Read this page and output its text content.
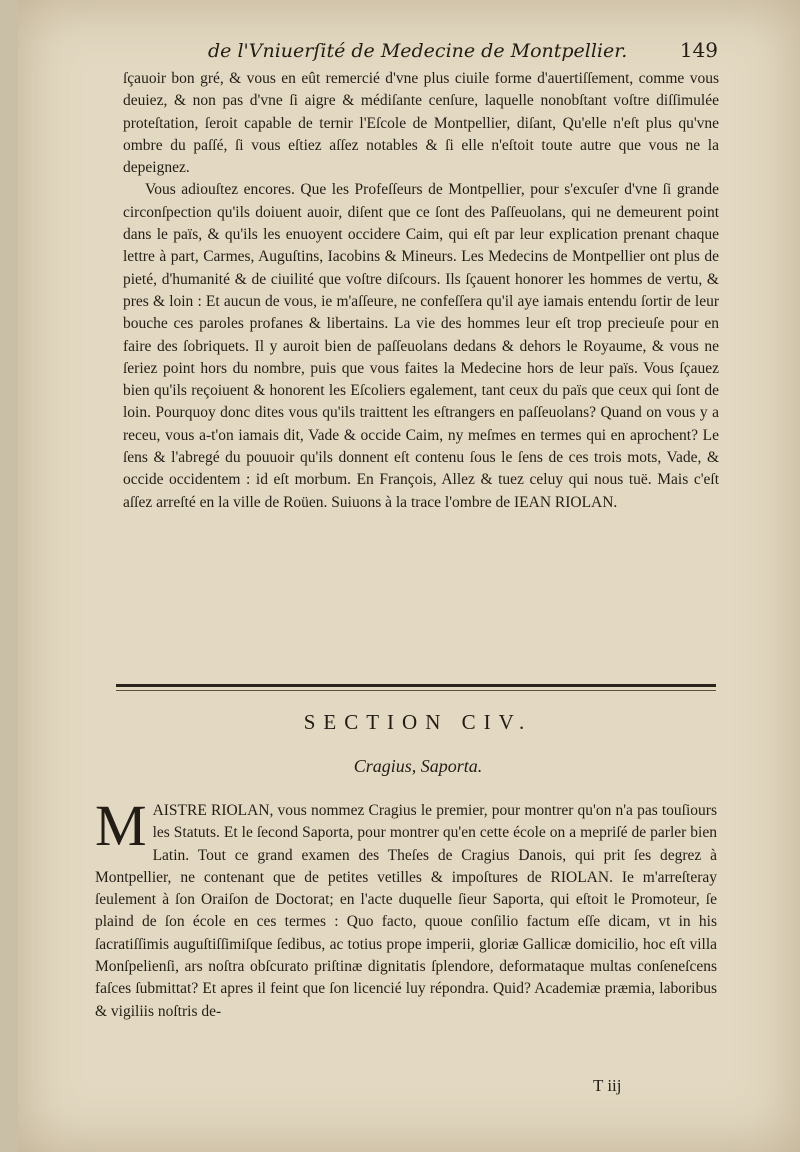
de l'Vniuerſité de Medecine de Montpellier.	149

ſçauoir bon gré, & vous en eût remercié d'vne plus ciuile forme d'auertiſſement, comme vous deuiez, & non pas d'vne ſi aigre & médiſante cenſure, laquelle nonobſtant voſtre diſſimulée proteſtation, ſeroit capable de ternir l'Eſcole de Montpellier, diſant, Qu'elle n'eſt plus qu'vne ombre du paſſé, ſi vous eſtiez aſſez notables & ſi elle n'eſtoit toute autre que vous ne la depeignez.

Vous adiouſtez encores. Que les Profeſſeurs de Montpellier, pour s'excuſer d'vne ſi grande circonſpection qu'ils doiuent auoir, diſent que ce ſont des Paſſeuolans, qui ne demeurent point dans le païs, & qu'ils les enuoyent occidere Caim, qui eſt par leur explication prenant chaque lettre à part, Carmes, Auguſtins, Iacobins & Mineurs. Les Medecins de Montpellier ont plus de pieté, d'humanité & de ciuilité que voſtre diſcours. Ils ſçauent honorer les hommes de vertu, & pres & loin : Et aucun de vous, ie m'aſſeure, ne confeſſera qu'il aye iamais entendu ſortir de leur bouche ces paroles profanes & libertains. La vie des hommes leur eſt trop precieuſe pour en faire des ſobriquets. Il y auroit bien de paſſeuolans dedans & dehors le Royaume, & vous ne ſeriez point hors du nombre, puis que vous faites la Medecine hors de leur païs. Vous ſçauez bien qu'ils reçoiuent & honorent les Eſcoliers egalement, tant ceux du païs que ceux qui ſont de loin. Pourquoy donc dites vous qu'ils traittent les eſtrangers en paſſeuolans? Quand on vous y a receu, vous a-t'on iamais dit, Vade & occide Caim, ny meſmes en termes qui en aprochent? Le ſens & l'abregé du pouuoir qu'ils donnent eſt contenu ſous le ſens de ces trois mots, Vade, & occide occidentem : id eſt morbum. En François, Allez & tuez celuy qui nous tuë. Mais c'eſt aſſez arreſté en la ville de Roüen. Suiuons à la trace l'ombre de IEAN RIOLAN.

SECTION CIV.
Cragius, Saporta.
MAISTRE RIOLAN, vous nommez Cragius le premier, pour montrer qu'on n'a pas touſiours les Statuts. Et le ſecond Saporta, pour montrer qu'en cette école on a mepriſé de parler bien Latin. Tout ce grand examen des Theſes de Cragius Danois, qui prit ſes degrez à Montpellier, ne contenant que de petites vetilles & impoſtures de RIOLAN. Ie m'arreſteray ſeulement à ſon Oraiſon de Doctorat; en l'acte duquelle ſieur Saporta, qui eſtoit le Promoteur, ſe plaind de ſon école en ces termes : Quo facto, quoue conſilio factum eſſe dicam, vt in his ſacratiſſimis auguſtiſſimiſque ſedibus, ac totius prope imperii, gloriæ Gallicæ domicilio, hoc eſt villa Monſpelienſi, ars noſtra obſcurato priſtinæ dignitatis ſplendore, deformataque multas conſeneſcens faſces ſubmittat? Et apres il feint que ſon licencié luy répondra. Quid? Academiæ præmia, laboribus & vigiliis noſtris de-
T iij
